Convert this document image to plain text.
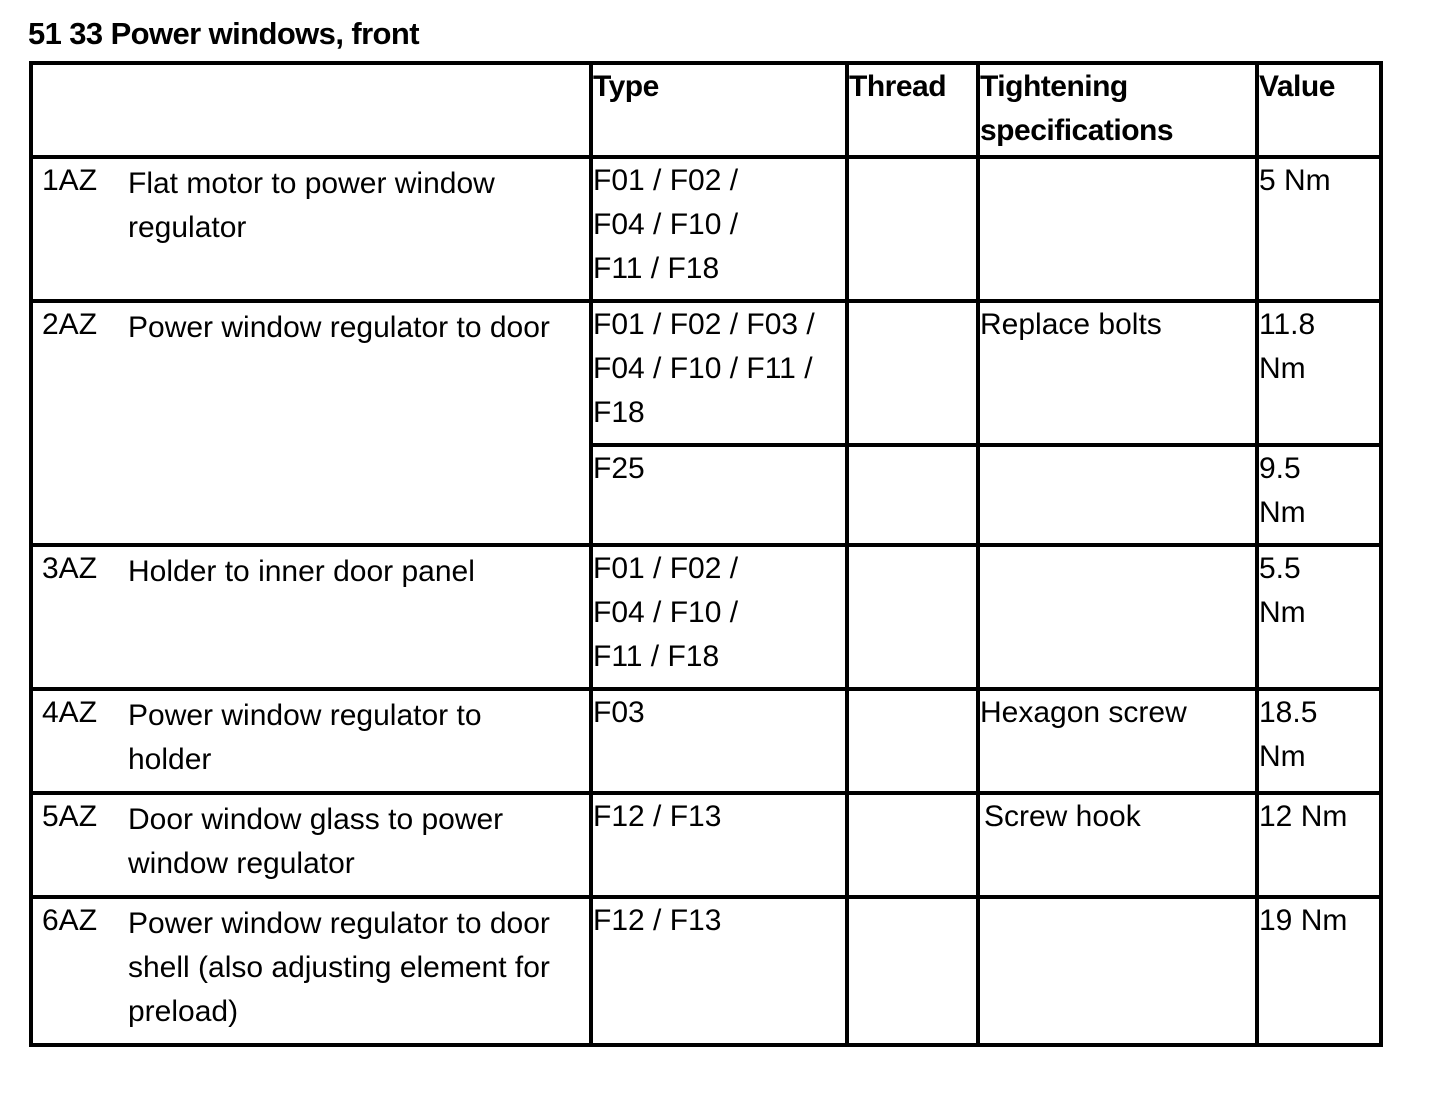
51 33 Power windows, front
	Type	Thread	Tightening specifications	Value

1AZ Flat motor to power window regulator	F01 / F02 / F04 / F10 / F11 / F18			5 Nm

2AZ Power window regulator to door	F01 / F02 / F03 / F04 / F10 / F11 / F18		Replace bolts	11.8 Nm
	F25			9.5 Nm

3AZ Holder to inner door panel	F01 / F02 / F04 / F10 / F11 / F18			5.5 Nm

4AZ Power window regulator to holder	F03		Hexagon screw	18.5 Nm

5AZ Door window glass to power window regulator	F12 / F13		Screw hook	12 Nm

6AZ Power window regulator to door shell (also adjusting element for preload)	F12 / F13			19 Nm
